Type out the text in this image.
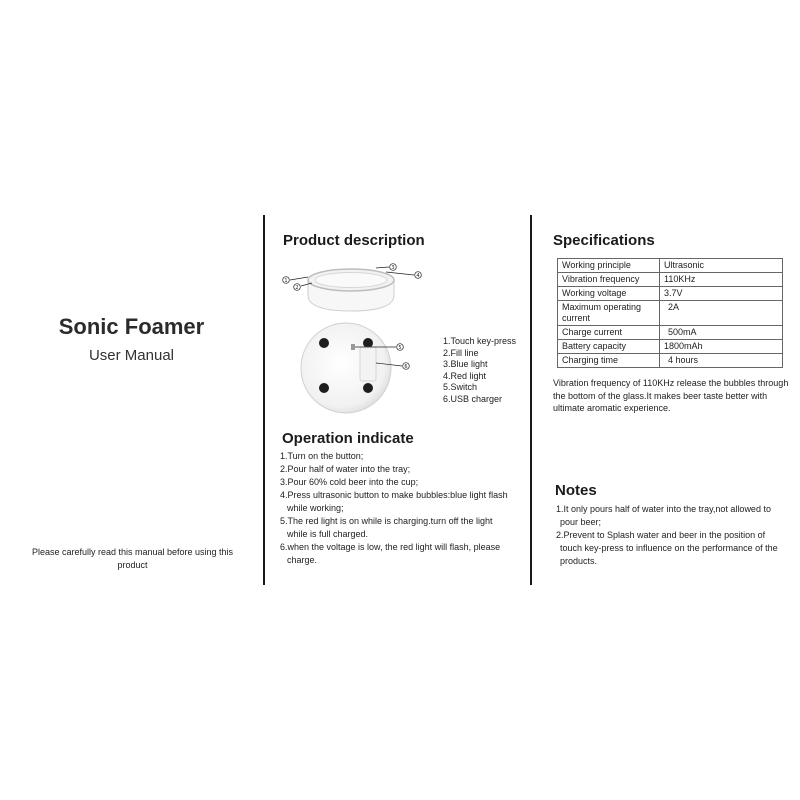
Sonic Foamer
User Manual
Please carefully read this manual before using this product
Product description
1
2
3
4
5
6
1.Touch key-press
2.Fill line
3.Blue light
4.Red light
5.Switch
6.USB charger
Operation indicate
1.Turn on the button;
2.Pour half of water into the tray;
3.Pour 60% cold beer into the cup;
4.Press ultrasonic button to make bubbles:blue light flash
while working;
5.The red light is on while is charging.turn off the light
while is full charged.
6.when the voltage is low, the red light will flash, please
charge.
Specifications
Working principle	Ultrasonic
Vibration frequency	110KHz
Working voltage	3.7V
Maximum operating current	2A
Charge current	500mA
Battery capacity	1800mAh
Charging time	4 hours
Vibration frequency of 110KHz release the bubbles through the bottom of the glass.It makes beer taste better with ultimate aromatic experience.
Notes
1.It only pours half of water into the tray,not allowed to
pour beer;
2.Prevent to Splash water and beer in the position of
touch key-press to influence on the performance of the
products.
